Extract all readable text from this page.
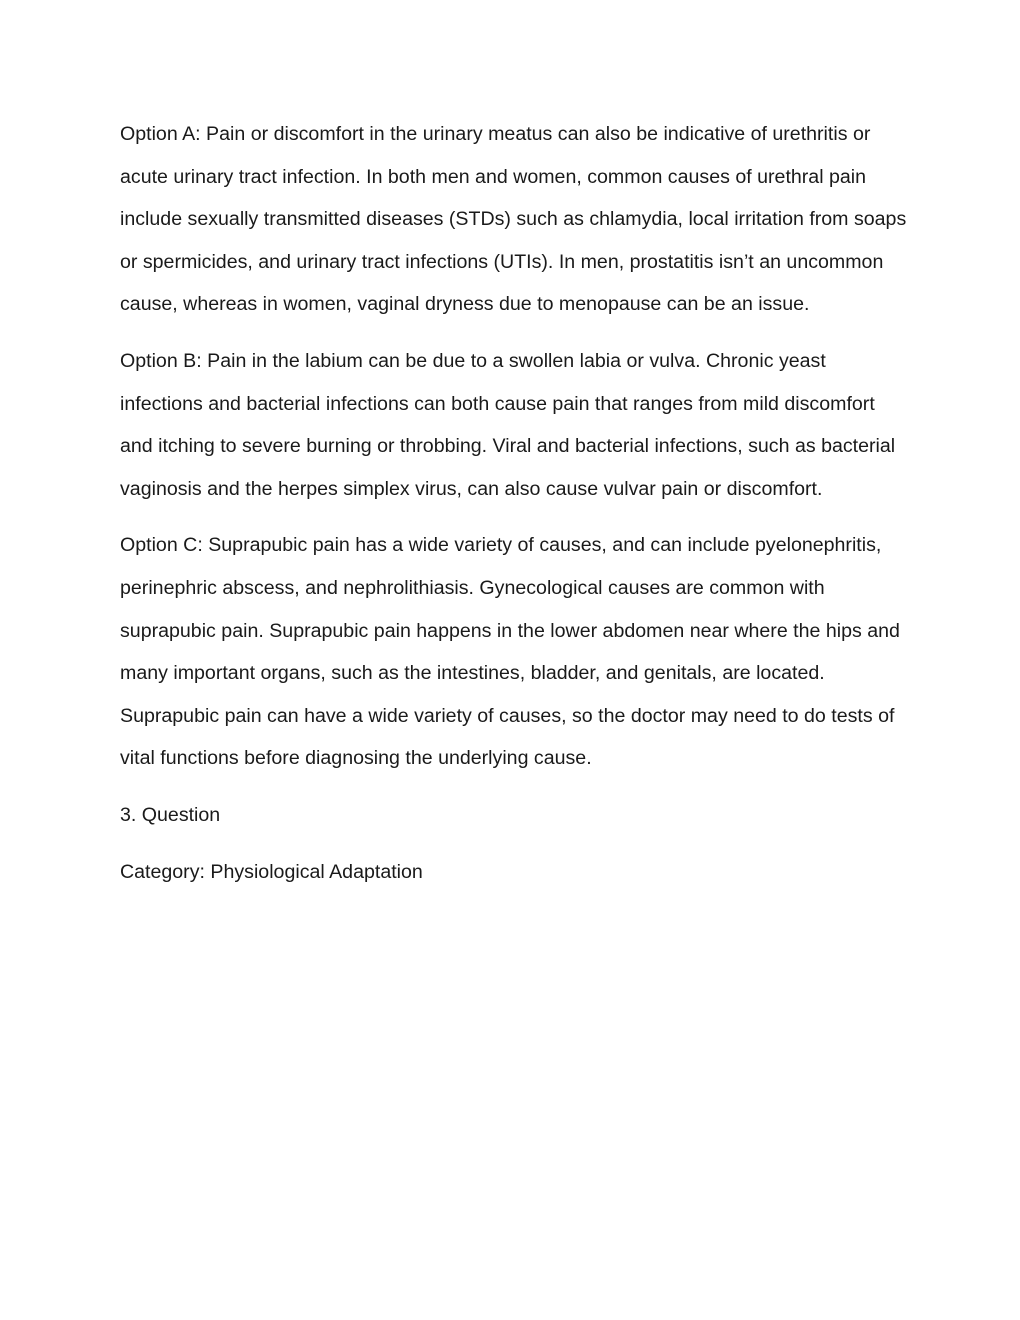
Option A: Pain or discomfort in the urinary meatus can also be indicative of urethritis or acute urinary tract infection. In both men and women, common causes of urethral pain include sexually transmitted diseases (STDs) such as chlamydia, local irritation from soaps or spermicides, and urinary tract infections (UTIs). In men, prostatitis isn’t an uncommon cause, whereas in women, vaginal dryness due to menopause can be an issue.

Option B: Pain in the labium can be due to a swollen labia or vulva. Chronic yeast infections and bacterial infections can both cause pain that ranges from mild discomfort and itching to severe burning or throbbing. Viral and bacterial infections, such as bacterial vaginosis and the herpes simplex virus, can also cause vulvar pain or discomfort.

Option C: Suprapubic pain has a wide variety of causes, and can include pyelonephritis, perinephric abscess, and nephrolithiasis. Gynecological causes are common with suprapubic pain. Suprapubic pain happens in the lower abdomen near where the hips and many important organs, such as the intestines, bladder, and genitals, are located. Suprapubic pain can have a wide variety of causes, so the doctor may need to do tests of vital functions before diagnosing the underlying cause.

3. Question

Category: Physiological Adaptation
